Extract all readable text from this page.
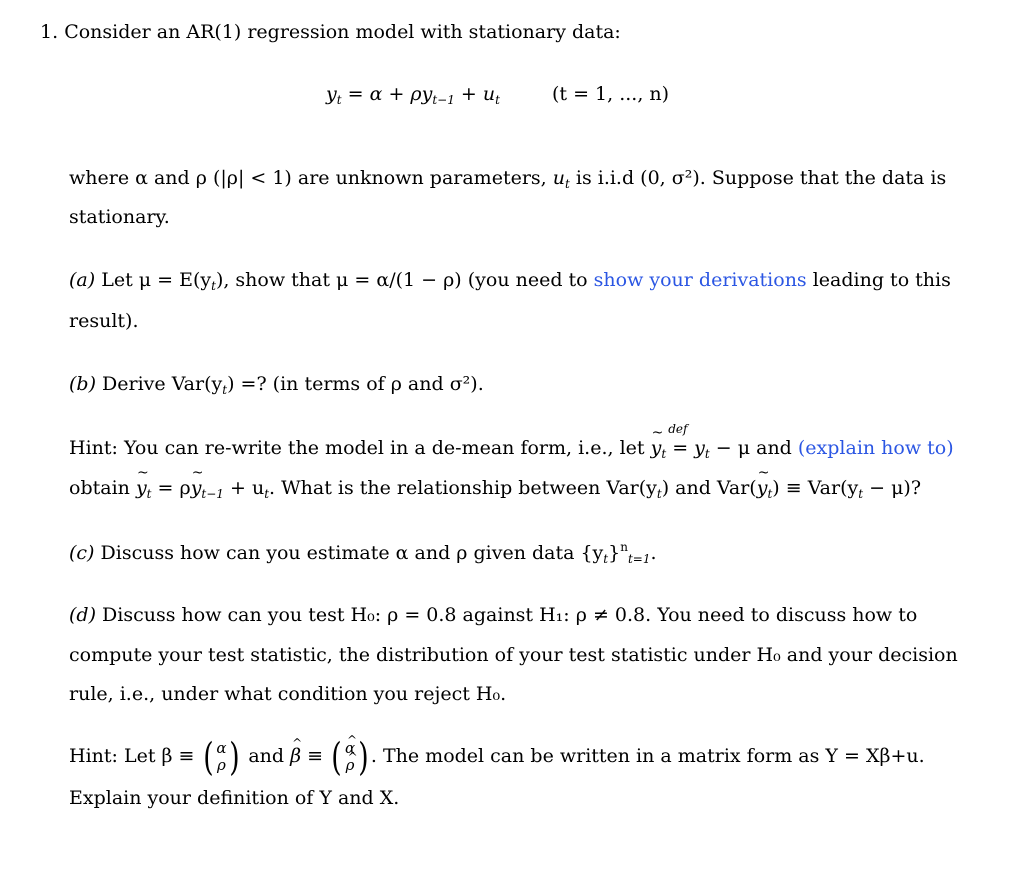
1. Consider an AR(1) regression model with stationary data:
$y_t = \alpha + \rho y_{t-1} + u_t$	(t = 1, ..., n)
where α and ρ (|ρ| < 1) are unknown parameters, $u_t$ is i.i.d (0, σ²). Suppose that the data is
stationary.
(a) Let $\mu = E(y_t)$, show that μ = α/(1 − ρ) (you need to show your derivations leading to this
result).
(b) Derive $Var(y_t)$ =? (in terms of ρ and σ²).
Hint: You can re-write the model in a de-mean form, i.e., let ~ $y_t$ =
def
$y_t - \mu$ and (explain how to)
obtain ~ $y_t$ = ρ~ $y_{t-1} + u_t$. What is the relationship between $Var(y_t)$ and Var(~ $y_t) \equiv Var(y_t - \mu)$?
(c) Discuss how can you estimate α and ρ given data $\{y_t\}^n_{t=1}$.
(d) Discuss how can you test H₀: ρ = 0.8 against H₁: ρ ≠ 0.8. You need to discuss how to
compute your test statistic, the distribution of your test statistic under H₀ and your decision
rule, i.e., under what condition you reject H₀.
Hint: Let β ≡ ( α
ρ ) and ^ β ≡ ( ^ α
^ ρ ) . The model can be written in a matrix form as Y = Xβ+u.
Explain your definition of Y and X.
